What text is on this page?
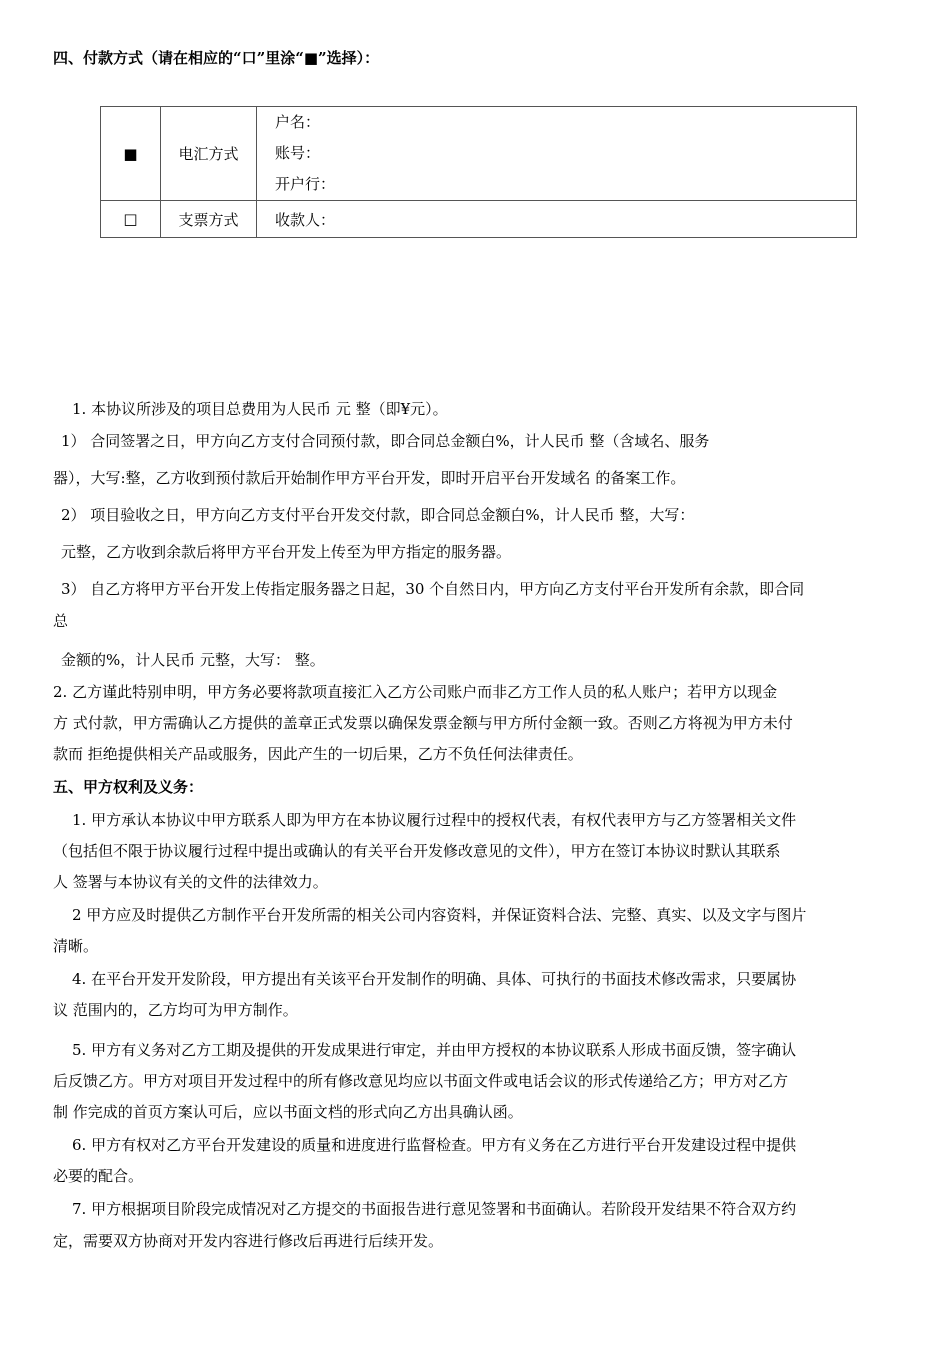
四、付款方式（请在相应的“口”里涂“■”选择）：
■	电汇方式	户名：
账号：
开户行：

□	支票方式	收款人：
1. 本协议所涉及的项目总费用为人民币 元 整（即¥元）。
1） 合同签署之日，甲方向乙方支付合同预付款，即合同总金额白%，计人民币 整（含域名、服务
器），大写:整，乙方收到预付款后开始制作甲方平台开发，即时开启平台开发域名 的备案工作。
2） 项目验收之日，甲方向乙方支付平台开发交付款，即合同总金额白%，计人民币 整，大写：
元整，乙方收到余款后将甲方平台开发上传至为甲方指定的服务器。
3） 自乙方将甲方平台开发上传指定服务器之日起，30 个自然日内，甲方向乙方支付平台开发所有余款，即合同
总
金额的%，计人民币 元整，大写： 整。
2. 乙方谨此特别申明，甲方务必要将款项直接汇入乙方公司账户而非乙方工作人员的私人账户；若甲方以现金
方 式付款，甲方需确认乙方提供的盖章正式发票以确保发票金额与甲方所付金额一致。否则乙方将视为甲方未付
款而 拒绝提供相关产品或服务，因此产生的一切后果，乙方不负任何法律责任。
五、甲方权利及义务：
1. 甲方承认本协议中甲方联系人即为甲方在本协议履行过程中的授权代表，有权代表甲方与乙方签署相关文件
（包括但不限于协议履行过程中提出或确认的有关平台开发修改意见的文件），甲方在签订本协议时默认其联系
人 签署与本协议有关的文件的法律效力。
2 甲方应及时提供乙方制作平台开发所需的相关公司内容资料，并保证资料合法、完整、真实、以及文字与图片
清晰。
4. 在平台开发开发阶段，甲方提出有关该平台开发制作的明确、具体、可执行的书面技术修改需求，只要属协
议 范围内的，乙方均可为甲方制作。
5. 甲方有义务对乙方工期及提供的开发成果进行审定，并由甲方授权的本协议联系人形成书面反馈，签字确认
后反馈乙方。甲方对项目开发过程中的所有修改意见均应以书面文件或电话会议的形式传递给乙方；甲方对乙方
制 作完成的首页方案认可后，应以书面文档的形式向乙方出具确认函。
6. 甲方有权对乙方平台开发建设的质量和进度进行监督检查。甲方有义务在乙方进行平台开发建设过程中提供
必要的配合。
7. 甲方根据项目阶段完成情况对乙方提交的书面报告进行意见签署和书面确认。若阶段开发结果不符合双方约
定，需要双方协商对开发内容进行修改后再进行后续开发。
